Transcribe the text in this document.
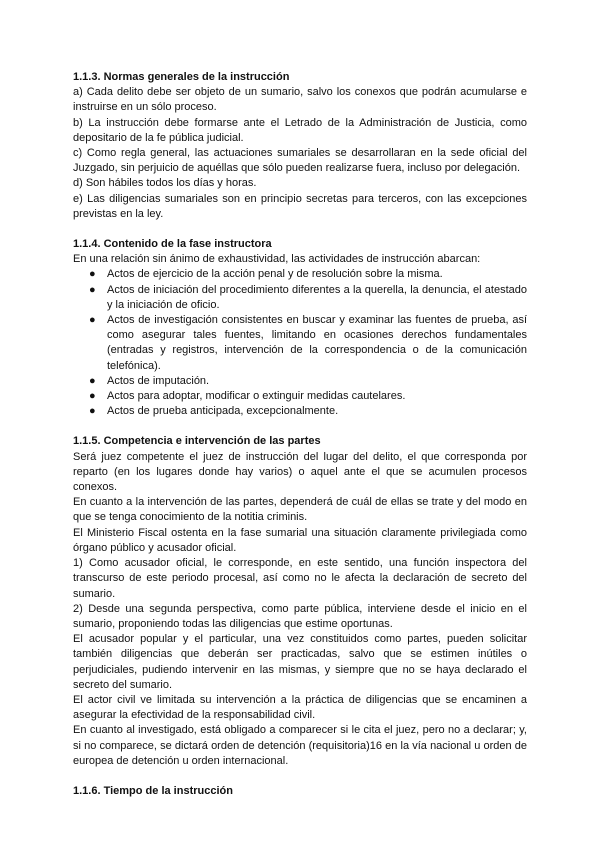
1.1.3. Normas generales de la instrucción

a) Cada delito debe ser objeto de un sumario, salvo los conexos que podrán acumularse e instruirse en un sólo proceso.

b) La instrucción debe formarse ante el Letrado de la Administración de Justicia, como depositario de la fe pública judicial.

c) Como regla general, las actuaciones sumariales se desarrollaran en la sede oficial del Juzgado, sin perjuicio de aquéllas que sólo pueden realizarse fuera, incluso por delegación.

d) Son hábiles todos los días y horas.

e) Las diligencias sumariales son en principio secretas para terceros, con las excepciones previstas en la ley.

1.1.4. Contenido de la fase instructora

En una relación sin ánimo de exhaustividad, las actividades de instrucción abarcan:

● Actos de ejercicio de la acción penal y de resolución sobre la misma.
● Actos de iniciación del procedimiento diferentes a la querella, la denuncia, el atestado y la iniciación de oficio.
● Actos de investigación consistentes en buscar y examinar las fuentes de prueba, así como asegurar tales fuentes, limitando en ocasiones derechos fundamentales (entradas y registros, intervención de la correspondencia o de la comunicación telefónica).
● Actos de imputación.
● Actos para adoptar, modificar o extinguir medidas cautelares.
● Actos de prueba anticipada, excepcionalmente.

1.1.5. Competencia e intervención de las partes

Será juez competente el juez de instrucción del lugar del delito, el que corresponda por reparto (en los lugares donde hay varios) o aquel ante el que se acumulen procesos conexos.

En cuanto a la intervención de las partes, dependerá de cuál de ellas se trate y del modo en que se tenga conocimiento de la notitia criminis.

El Ministerio Fiscal ostenta en la fase sumarial una situación claramente privilegiada como órgano público y acusador oficial.

1) Como acusador oficial, le corresponde, en este sentido, una función inspectora del transcurso de este periodo procesal, así como no le afecta la declaración de secreto del sumario.

2) Desde una segunda perspectiva, como parte pública, interviene desde el inicio en el sumario, proponiendo todas las diligencias que estime oportunas.

El acusador popular y el particular, una vez constituidos como partes, pueden solicitar también diligencias que deberán ser practicadas, salvo que se estimen inútiles o perjudiciales, pudiendo intervenir en las mismas, y siempre que no se haya declarado el secreto del sumario.

El actor civil ve limitada su intervención a la práctica de diligencias que se encaminen a asegurar la efectividad de la responsabilidad civil.

En cuanto al investigado, está obligado a comparecer si le cita el juez, pero no a declarar; y, si no comparece, se dictará orden de detención (requisitoria)16 en la vía nacional u orden de europea de detención u orden internacional.

1.1.6. Tiempo de la instrucción
